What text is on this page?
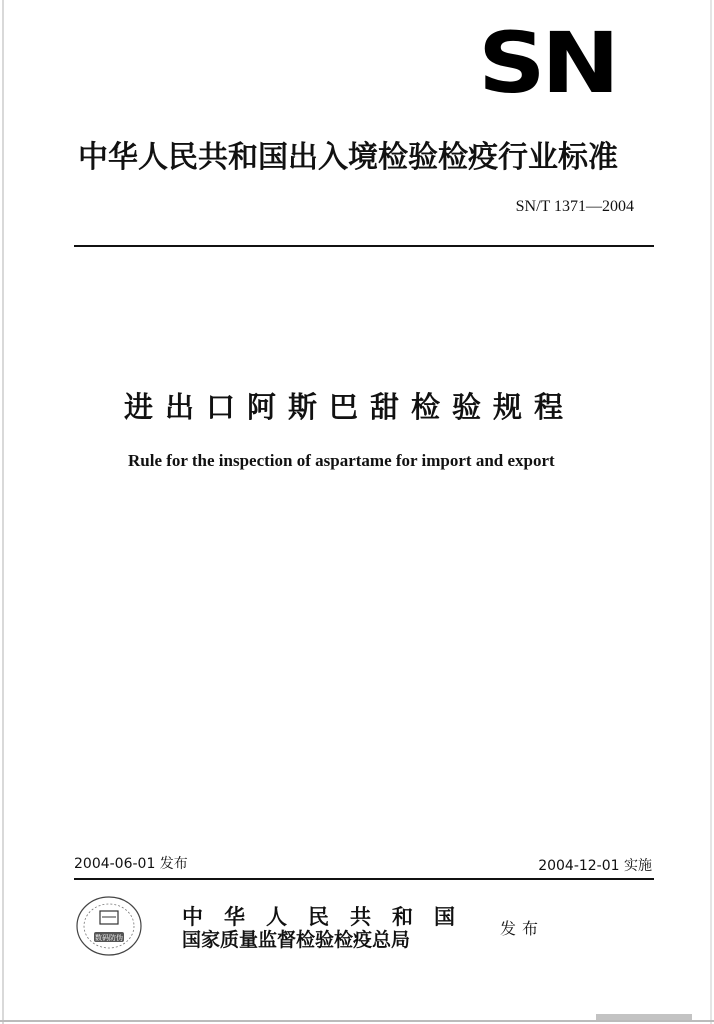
SN
中华人民共和国出入境检验检疫行业标准
SN/T 1371—2004
进出口阿斯巴甜检验规程
Rule for the inspection of aspartame for import and export
2004-06-01 发布	2004-12-01 实施
数码防伪
中华人民共和国
国家质量监督检验检疫总局
发布
